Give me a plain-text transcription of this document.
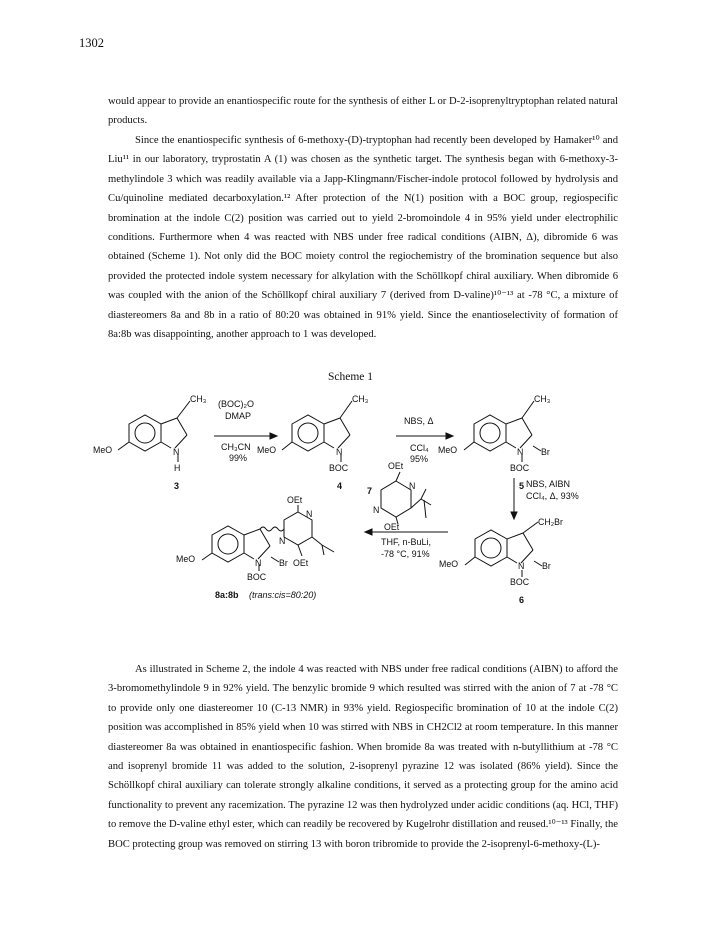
1302
would appear to provide an enantiospecific route for the synthesis of either L or D-2-isoprenyltryptophan related natural products.
Since the enantiospecific synthesis of 6-methoxy-(D)-tryptophan had recently been developed by Hamaker¹⁰ and Liu¹¹ in our laboratory, tryprostatin A (1) was chosen as the synthetic target. The synthesis began with 6-methoxy-3-methylindole 3 which was readily available via a Japp-Klingmann/Fischer-indole protocol followed by hydrolysis and Cu/quinoline mediated decarboxylation.¹² After protection of the N(1) position with a BOC group, regiospecific bromination at the indole C(2) position was carried out to yield 2-bromoindole 4 in 95% yield under electrophilic conditions. Furthermore when 4 was reacted with NBS under free radical conditions (AIBN, Δ), dibromide 6 was obtained (Scheme 1). Not only did the BOC moiety control the regiochemistry of the bromination sequence but also provided the protected indole system necessary for alkylation with the Schöllkopf chiral auxiliary. When dibromide 6 was coupled with the anion of the Schöllkopf chiral auxiliary 7 (derived from D-valine)¹⁰⁻¹³ at -78 °C, a mixture of diastereomers 8a and 8b in a ratio of 80:20 was obtained in 91% yield. Since the enantioselectivity of formation of 8a:8b was disappointing, another approach to 1 was developed.
Scheme 1
As illustrated in Scheme 2, the indole 4 was reacted with NBS under free radical conditions (AIBN) to afford the 3-bromomethylindole 9 in 92% yield. The benzylic bromide 9 which resulted was stirred with the anion of 7 at -78 °C to provide only one diastereomer 10 (C-13 NMR) in 93% yield. Regiospecific bromination of 10 at the indole C(2) position was accomplished in 85% yield when 10 was stirred with NBS in CH2Cl2 at room temperature. In this manner diastereomer 8a was obtained in enantiospecific fashion. When bromide 8a was treated with n-butyllithium at -78 °C and isoprenyl bromide 11 was added to the solution, 2-isoprenyl pyrazine 12 was isolated (86% yield). Since the Schöllkopf chiral auxiliary can tolerate strongly alkaline conditions, it served as a protecting group for the amino acid functionality to prevent any racemization. The pyrazine 12 was then hydrolyzed under acidic conditions (aq. HCl, THF) to remove the D-valine ethyl ester, which can readily be recovered by Kugelrohr distillation and reused.¹⁰⁻¹³ Finally, the BOC protecting group was removed on stirring 13 with boron tribromide to provide the 2-isoprenyl-6-methoxy-(L)-
CH₃
MeO	N
H
3
(BOC)₂O
DMAP
CH₃CN
99%
CH₃
MeO	N
BOC
4
NBS, Δ
CCl₄
95%
CH₃
MeO	N Br
BOC
5 NBS, AIBN
CCl₄, Δ, 93%
CH₂Br
MeO	N Br
BOC
6
OEt
N
N
OEt
7
THF, n-BuLi,
-78 °C, 91%
OEt
N
N
MeO	N Br
BOC
OEt
8a:8b (trans:cis=80:20)
